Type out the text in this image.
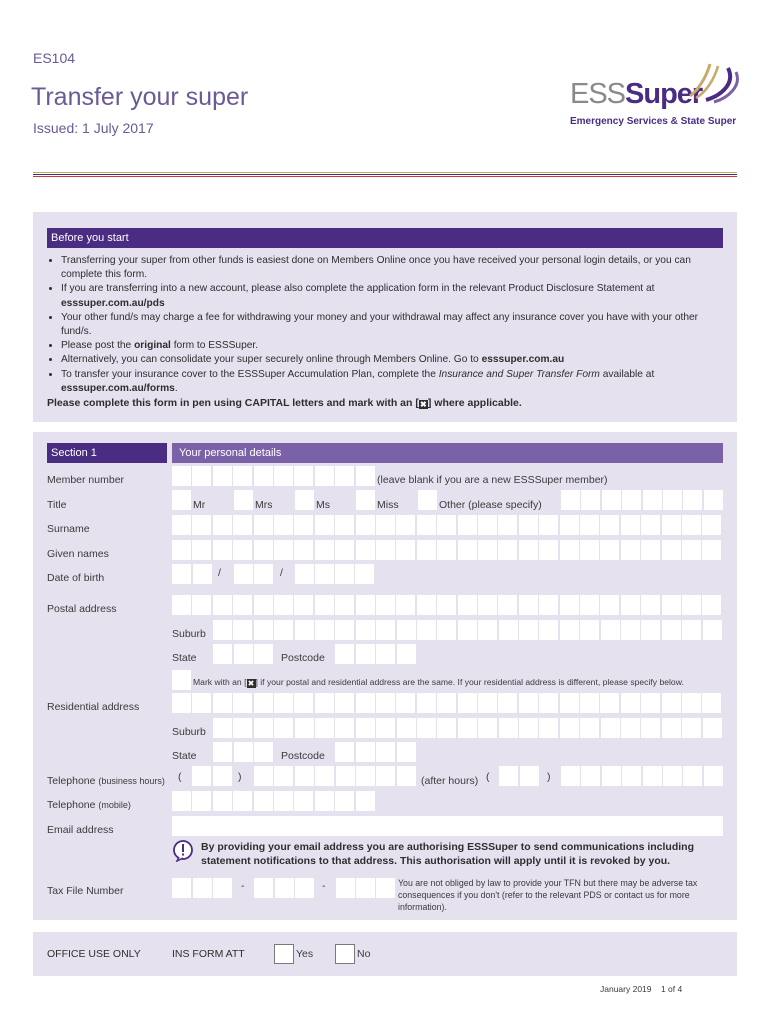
ES104
Transfer your super
Issued: 1 July 2017
ESSSuper
Emergency Services & State Super
Before you start
• Transferring your super from other funds is easiest done on Members Online once you have received your personal login details, or you can complete this form.
• If you are transferring into a new account, please also complete the application form in the relevant Product Disclosure Statement at
esssuper.com.au/pds
• Your other fund/s may charge a fee for withdrawing your money and your withdrawal may affect any insurance cover you have with your other fund/s.
• Please post the original form to ESSSuper.
• Alternatively, you can consolidate your super securely online through Members Online. Go to esssuper.com.au
• To transfer your insurance cover to the ESSSuper Accumulation Plan, complete the Insurance and Super Transfer Form available at
esssuper.com.au/forms.
Please complete this form in pen using CAPITAL letters and mark with an [✖] where applicable.
Section 1	Your personal details
Member number	(leave blank if you are a new ESSSuper member)
Title	Mr	Mrs	Ms	Miss	Other (please specify)
Surname
Given names
Date of birth	/	/
Postal address
Suburb
State	Postcode
Mark with an [✖] if your postal and residential address are the same. If your residential address is different, please specify below.
Residential address
Suburb
State	Postcode
Telephone (business hours) (	)	(after hours) (	)
Telephone (mobile)
Email address
By providing your email address you are authorising ESSSuper to send communications including statement notifications to that address. This authorisation will apply until it is revoked by you.
Tax File Number	-	-	You are not obliged by law to provide your TFN but there may be adverse tax consequences if you don't (refer to the relevant PDS or contact us for more information).
OFFICE USE ONLY	INS FORM ATT	Yes	No
January 2019 1 of 4
